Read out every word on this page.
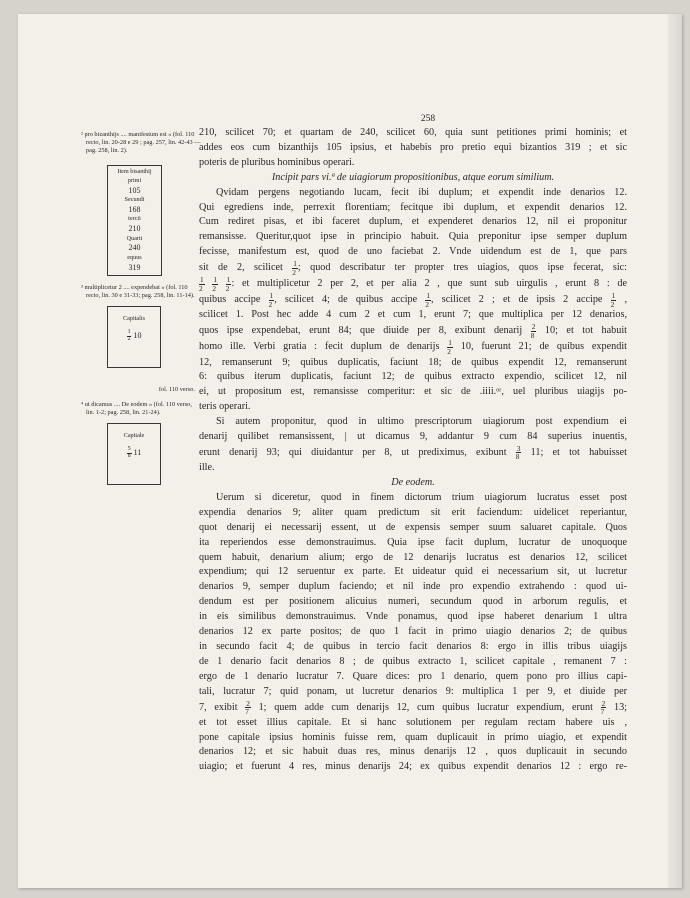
258

² pro bizanthijs .... manifestum est » (fol. 110 recto, lin. 20-28 e 29 ; pag. 257, lin. 42-43 — pag. 258, lin. 2).

Item bisanthij
primi
105
Secundi
168
tercii
210
Quarti
240
equus
319

³ multiplicetur 2 .... expendebat » (fol. 110 recto, lin. 30 e 31-33; pag. 258, lin. 11-14).

Capitalis
$\frac{1}{2} 10$
fol. 110 verso.

⁴ ut dicamus .... De eodem » (fol. 110 verso, lin. 1-2; pag. 258, lin. 21-24).

Capitale
$\frac{5}{8} 11$

210, scilicet 70; et quartam de 240, scilicet 60, quia sunt petitiones primi hominis; et

addes eos cum bizanthijs 105 ipsius, et habebis pro pretio equi bizantios 319 ; et sic

poteris de pluribus hominibus operari.

Incipit pars vi.ª de uiagiorum propositionibus, atque eorum similium.

Qvidam pergens negotiando lucam, fecit ibi duplum; et expendit inde denarios 12.

Qui egrediens inde, perrexit florentiam; fecitque ibi duplum, et expendit denarios 12.

Cum rediret pisas, et ibi faceret duplum, et expenderet denarios 12, nil ei proponitur

remansisse. Queritur,quot ipse in principio habuit. Quia preponitur ipse semper duplum

fecisse, manifestum est, quod de uno faciebat 2. Vnde uidendum est de 1, que pars

sit de 2, scilicet $\frac{1}{2}$ ; quod describatur ter propter tres uiagios, quos ipse fecerat, sic:

$\frac{1}{2}$
$\frac{1}{2}$
$\frac{1}{2}$ : et multiplicetur 2 per 2, et per alia 2 , que sunt sub uirgulis , erunt 8 : de

quibus accipe $\frac{1}{2}$ , scilicet 4; de quibus accipe $\frac{1}{2}$ , scilicet 2 ; et de ipsis 2 accipe $\frac{1}{2}$ ,

scilicet 1. Post hec adde 4 cum 2 et cum 1, erunt 7; que multiplica per 12 denarios,

quos ipse expendebat, erunt 84; que diuide per 8, exibunt denarij $\frac{2}{8} 10$; et tot habuit

homo ille. Verbi gratia : fecit duplum de denarijs $\frac{1}{2} 10$, fuerunt 21; de quibus expendit

12, remanserunt 9; quibus duplicatis, faciunt 18; de quibus expendit 12, remanserunt

6: quibus iterum duplicatis, faciunt 12; de quibus extracto expendio, scilicet 12, nil

ei, ut propositum est, remansisse comperitur: et sic de .iiii.ᵒʳ, uel pluribus uiagijs po-

teris operari.

Si autem proponitur, quod in ultimo prescriptorum uiagiorum post expendium ei

denarij quilibet remansissent, | ut dicamus 9, addantur 9 cum 84 superius inuentis,

erunt denarij 93; qui diuidantur per 8, ut prediximus, exibunt $\frac{3}{8} 11$; et tot habuisset

ille.

De eodem.

Uerum si diceretur, quod in finem dictorum trium uiagiorum lucratus esset post

expendia denarios 9; aliter quam predictum sit erit faciendum: uidelicet reperiantur,

quot denarij ei necessarij essent, ut de expensis semper suum saluaret capitale. Quos

ita reperiendos esse demonstrauimus. Quia ipse facit duplum, lucratur de unoquoque

quem habuit, denarium alium; ergo de 12 denarijs lucratus est denarios 12, scilicet

expendium; qui 12 seruentur ex parte. Et uideatur quid ei necessarium sit, ut lucretur

denarios 9, semper duplum faciendo; et nil inde pro expendio extrahendo : quod ui-

dendum est per positionem alicuius numeri, secundum quod in arborum regulis, et

in eis similibus demonstrauimus. Vnde ponamus, quod ipse haberet denarium 1 ultra

denarios 12 ex parte positos; de quo 1 facit in primo uiagio denarios 2; de quibus

in secundo facit 4; de quibus in tercio facit denarios 8: ergo in illis tribus uiagijs

de 1 denario facit denarios 8 ; de quibus extracto 1, scilicet capitale , remanent 7 :

ergo de 1 denario lucratur 7. Quare dices: pro 1 denario, quem pono pro illius capi-

tali, lucratur 7; quid ponam, ut lucretur denarios 9: multiplica 1 per 9, et diuide per

7, exibit $\frac{2}{7} 1$; quem adde cum denarijs 12, cum quibus lucratur expendium, erunt $\frac{2}{7} 13$;

et tot esset illius capitale. Et si hanc solutionem per regulam rectam habere uis ,

pone capitale ipsius hominis fuisse rem, quam duplicauit in primo uiagio, et expendit

denarios 12; et sic habuit duas res, minus denarijs 12 , quos duplicauit in secundo

uiagio; et fuerunt 4 res, minus denarijs 24; ex quibus expendit denarios 12 : ergo re-
